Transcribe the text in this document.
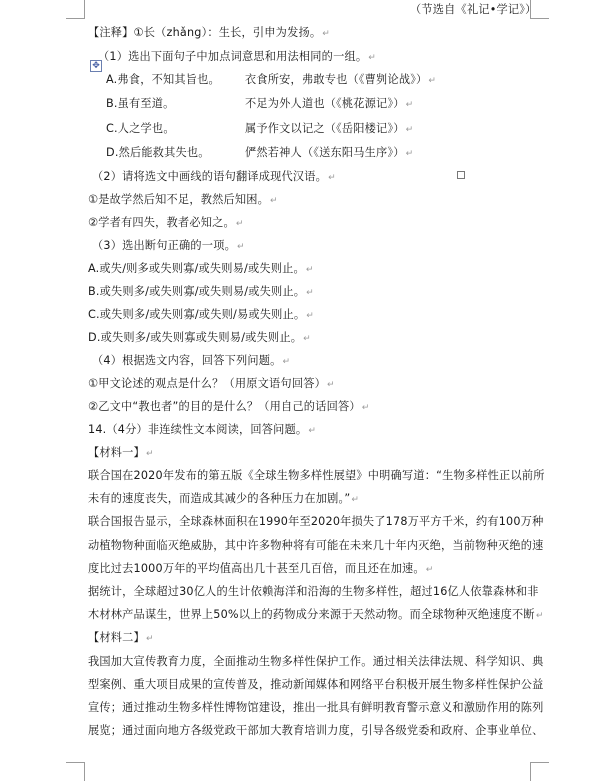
（节选自《礼记•学记》）
【注释】①长（zhǎng）：生长，引申为发扬。↵
✥
（1）选出下面句子中加点词意思和用法相同的一组。↵
A.弗食，不知其旨也。 衣食所安，弗敢专也（《曹刿论战》）↵
B.虽有至道。	不足为外人道也（《桃花源记》）↵
C.人之学也。	属予作文以记之（《岳阳楼记》）↵
D.然后能救其失也。	俨然若神人（《送东阳马生序》）↵
（2）请将选文中画线的语句翻译成现代汉语。↵
①是故学然后知不足，教然后知困。↵
②学者有四失，教者必知之。↵
（3）选出断句正确的一项。↵
A.或失/则多或失则寡/或失则易/或失则止。↵
B.或失则多/或失则寡/或失则易/或失则止。↵
C.或失则多/或失则寡/或失则/易或失则止。↵
D.或失则多/或失则寡或失则易/或失则止。↵
（4）根据选文内容，回答下列问题。↵
①甲文论述的观点是什么？（用原文语句回答）↵
②乙文中“教也者”的目的是什么？（用自己的话回答）↵
14.（4分）非连续性文本阅读，回答问题。↵
【材料一】↵
联合国在2020年发布的第五版《全球生物多样性展望》中明确写道：“生物多样性正以前所
未有的速度丧失，而造成其减少的各种压力在加剧。”↵
联合国报告显示，全球森林面积在1990年至2020年损失了178万平方千米，约有100万种
动植物物种面临灭绝威胁，其中许多物种将有可能在未来几十年内灭绝，当前物种灭绝的速
度比过去1000万年的平均值高出几十甚至几百倍，而且还在加速。↵
据统计，全球超过30亿人的生计依赖海洋和沿海的生物多样性，超过16亿人依靠森林和非
木材林产品谋生，世界上50%以上的药物成分来源于天然动物。而全球物种灭绝速度不断↵
【材料二】↵
我国加大宣传教育力度，全面推动生物多样性保护工作。通过相关法律法规、科学知识、典
型案例、重大项目成果的宣传普及，推动新闻媒体和网络平台积极开展生物多样性保护公益
宣传；通过推动生物多样性博物馆建设，推出一批具有鲜明教育警示意义和激励作用的陈列
展览；通过面向地方各级党政干部加大教育培训力度，引导各级党委和政府、企事业单位、
